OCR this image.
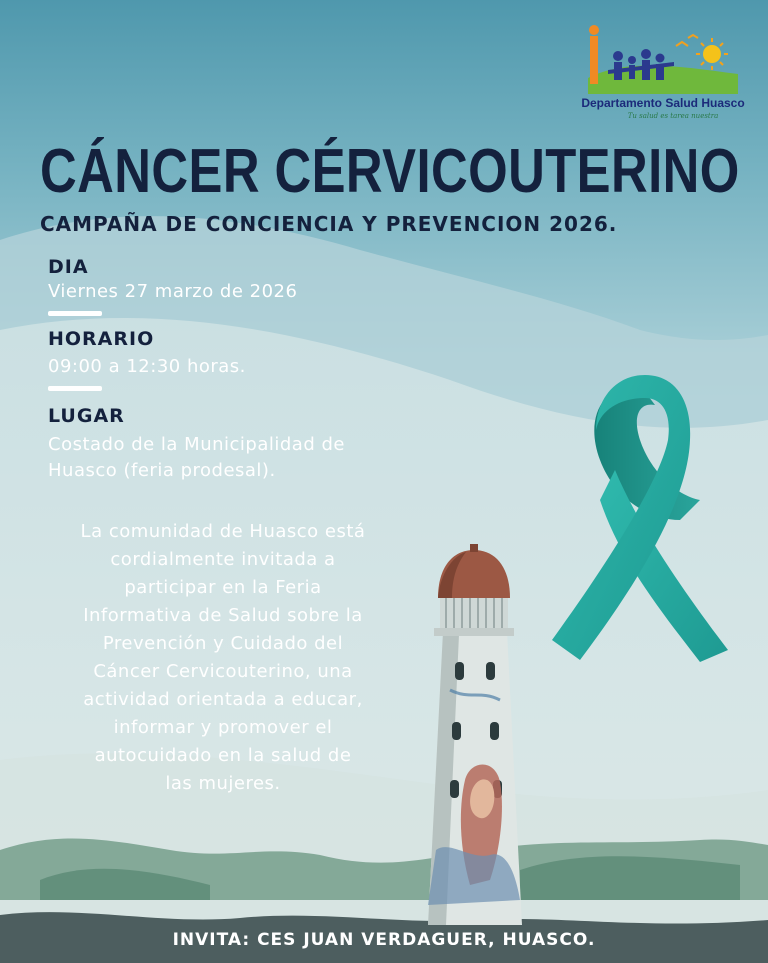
Departamento Salud Huasco
Tu salud es tarea nuestra
CÁNCER CÉRVICOUTERINO
CAMPAÑA DE CONCIENCIA Y PREVENCION 2026.
DIA
Viernes 27 marzo de 2026
HORARIO
09:00 a 12:30 horas.
LUGAR
Costado de la Municipalidad de
Huasco (feria prodesal).

La comunidad de Huasco está
cordialmente invitada a
participar en la Feria
Informativa de Salud sobre la
Prevención y Cuidado del
Cáncer Cervicouterino, una
actividad orientada a educar,
informar y promover el
autocuidado en la salud de
las mujeres.

INVITA: CES JUAN VERDAGUER, HUASCO.
